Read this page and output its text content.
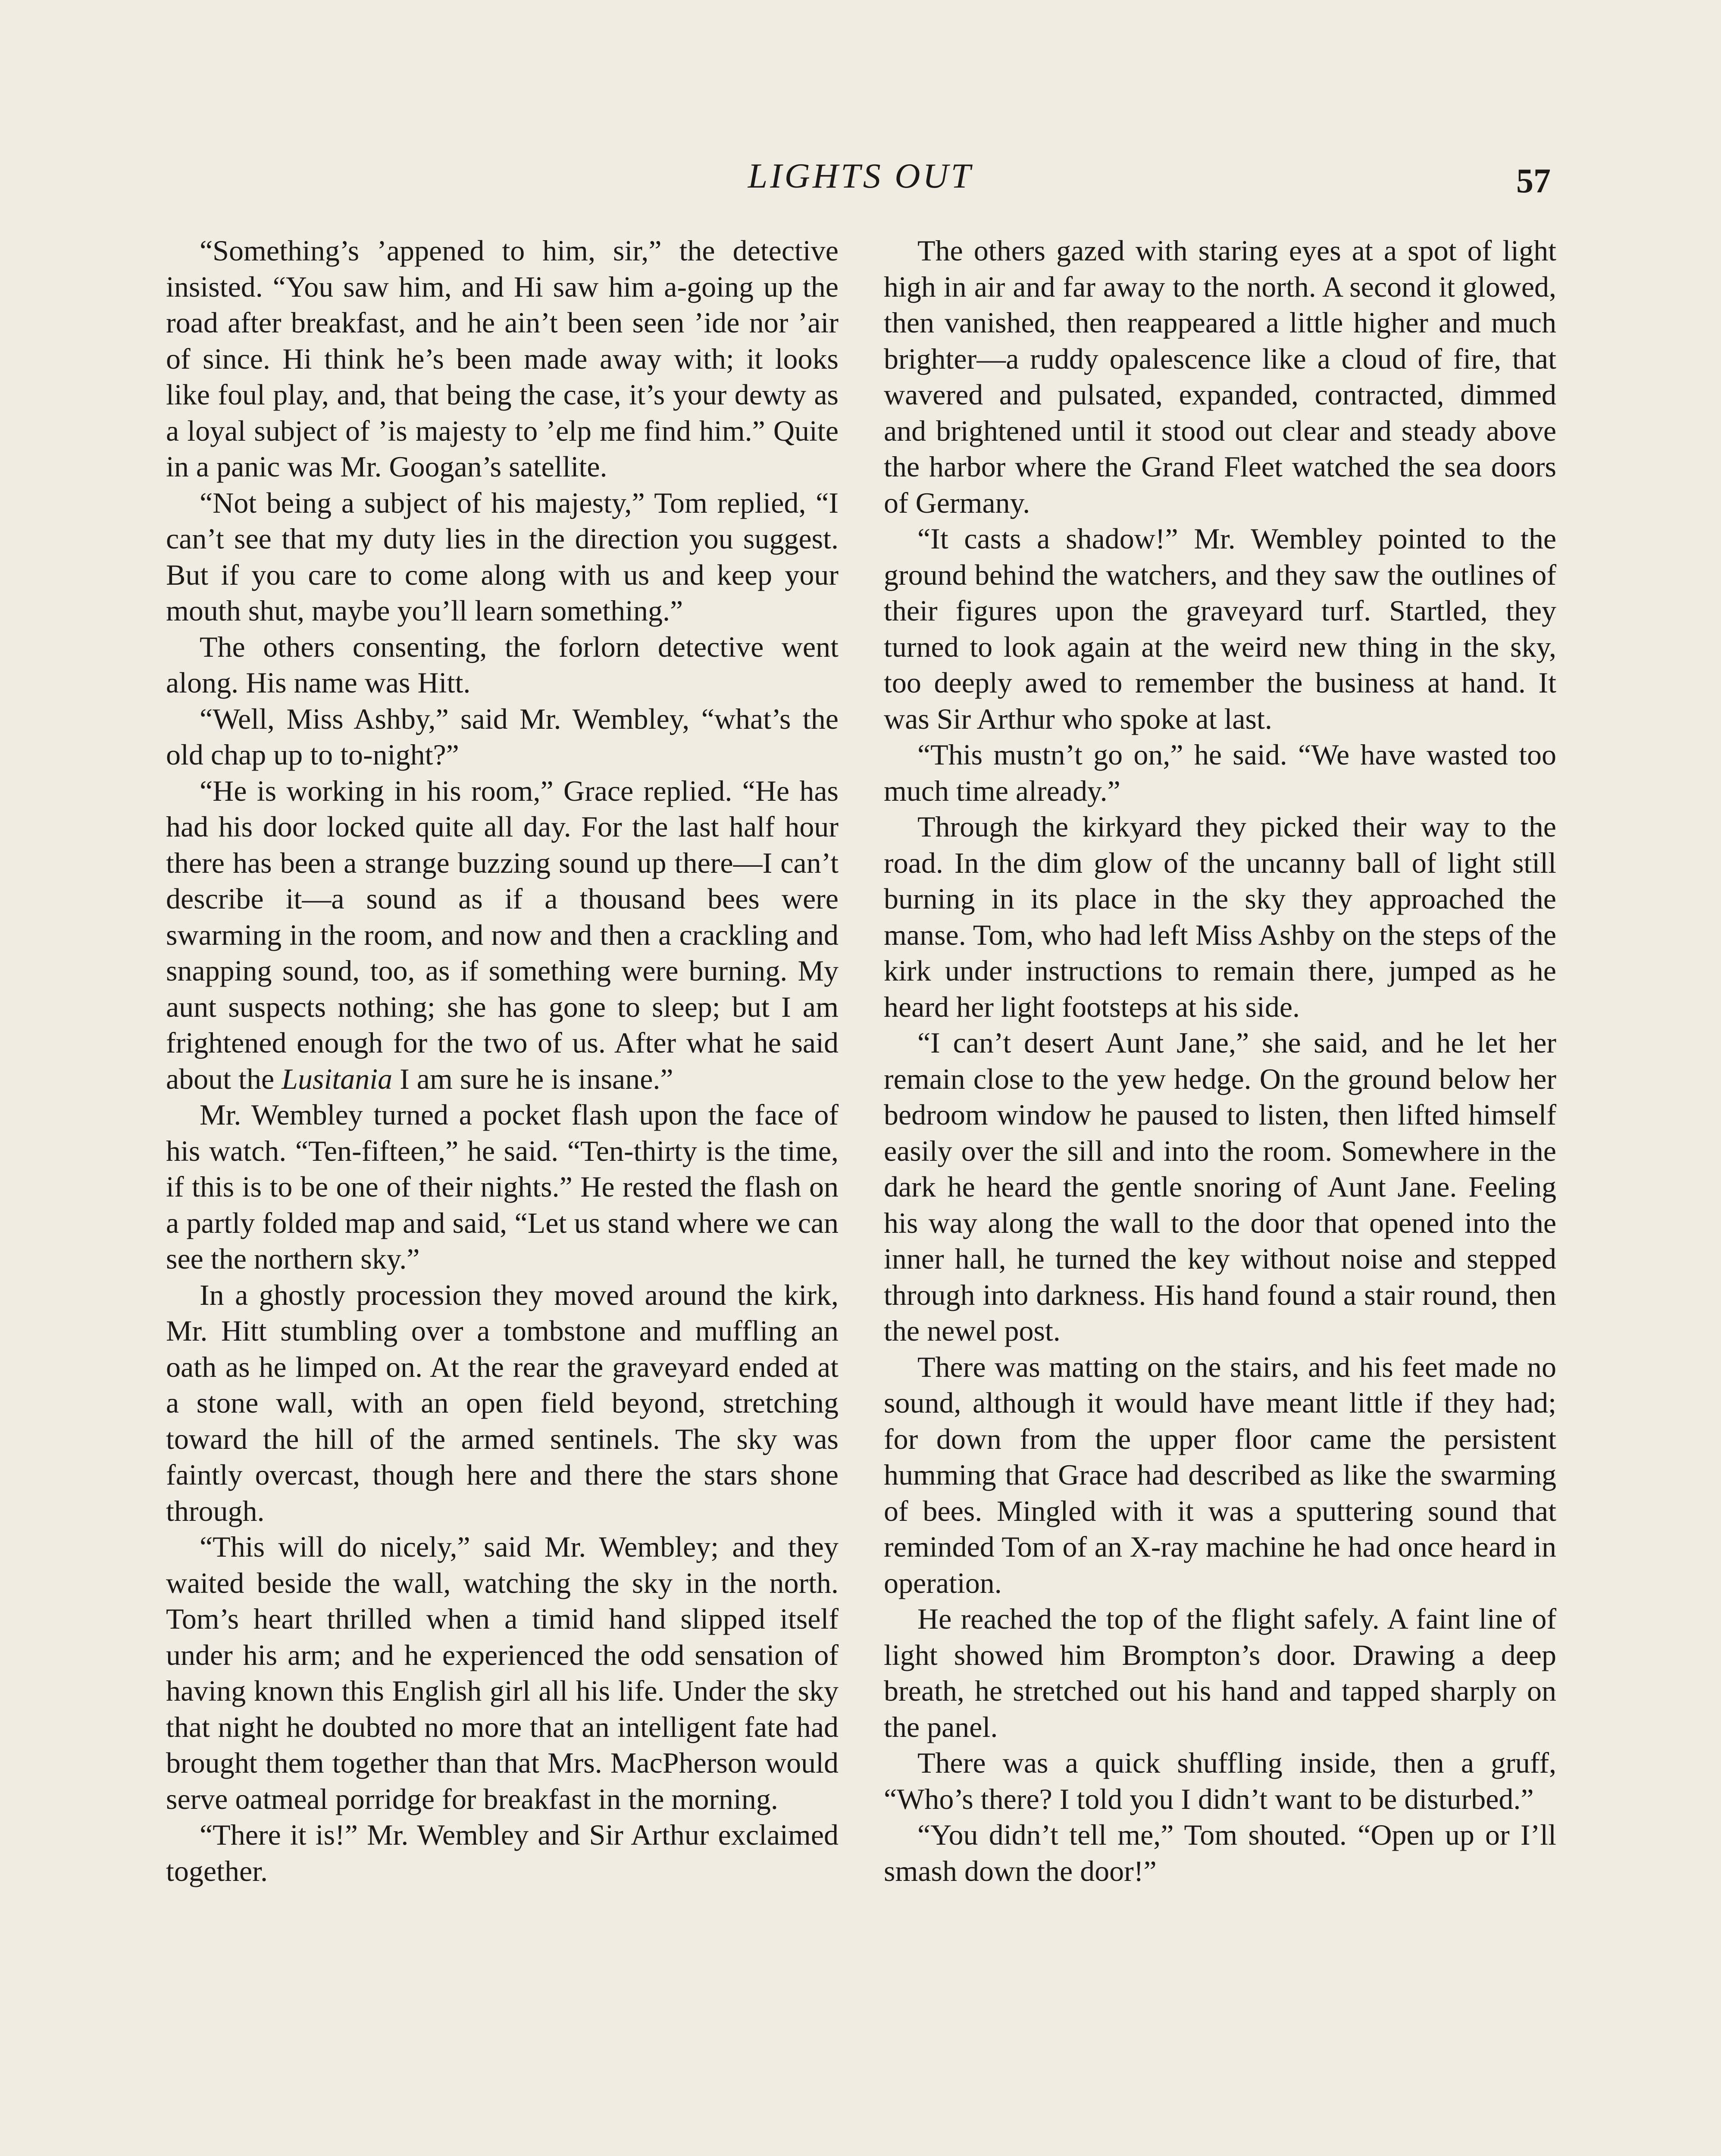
LIGHTS OUT	57

“Something’s ’appened to him, sir,” the detective insisted. “You saw him, and Hi saw him a-going up the road after breakfast, and he ain’t been seen ’ide nor ’air of since. Hi think he’s been made away with; it looks like foul play, and, that being the case, it’s your dewty as a loyal subject of ’is majesty to ’elp me find him.” Quite in a panic was Mr. Googan’s satellite.

“Not being a subject of his majesty,” Tom replied, “I can’t see that my duty lies in the direction you suggest. But if you care to come along with us and keep your mouth shut, maybe you’ll learn something.”

The others consenting, the forlorn detective went along. His name was Hitt.

“Well, Miss Ashby,” said Mr. Wembley, “what’s the old chap up to to-night?”

“He is working in his room,” Grace replied. “He has had his door locked quite all day. For the last half hour there has been a strange buzzing sound up there—I can’t describe it—a sound as if a thousand bees were swarming in the room, and now and then a crackling and snapping sound, too, as if something were burning. My aunt suspects nothing; she has gone to sleep; but I am frightened enough for the two of us. After what he said about the Lusitania I am sure he is insane.”

Mr. Wembley turned a pocket flash upon the face of his watch. “Ten-fifteen,” he said. “Ten-thirty is the time, if this is to be one of their nights.” He rested the flash on a partly folded map and said, “Let us stand where we can see the northern sky.”

In a ghostly procession they moved around the kirk, Mr. Hitt stumbling over a tombstone and muffling an oath as he limped on. At the rear the graveyard ended at a stone wall, with an open field beyond, stretching toward the hill of the armed sentinels. The sky was faintly overcast, though here and there the stars shone through.

“This will do nicely,” said Mr. Wembley; and they waited beside the wall, watching the sky in the north. Tom’s heart thrilled when a timid hand slipped itself under his arm; and he experienced the odd sensation of having known this English girl all his life. Under the sky that night he doubted no more that an intelligent fate had brought them together than that Mrs. MacPherson would serve oatmeal porridge for breakfast in the morning.

“There it is!” Mr. Wembley and Sir Arthur exclaimed together.

The others gazed with staring eyes at a spot of light high in air and far away to the north. A second it glowed, then vanished, then reappeared a little higher and much brighter—a ruddy opalescence like a cloud of fire, that wavered and pulsated, expanded, contracted, dimmed and brightened until it stood out clear and steady above the harbor where the Grand Fleet watched the sea doors of Germany.

“It casts a shadow!” Mr. Wembley pointed to the ground behind the watchers, and they saw the outlines of their figures upon the graveyard turf. Startled, they turned to look again at the weird new thing in the sky, too deeply awed to remember the business at hand. It was Sir Arthur who spoke at last.

“This mustn’t go on,” he said. “We have wasted too much time already.”

Through the kirkyard they picked their way to the road. In the dim glow of the uncanny ball of light still burning in its place in the sky they approached the manse. Tom, who had left Miss Ashby on the steps of the kirk under instructions to remain there, jumped as he heard her light footsteps at his side.

“I can’t desert Aunt Jane,” she said, and he let her remain close to the yew hedge. On the ground below her bedroom window he paused to listen, then lifted himself easily over the sill and into the room. Somewhere in the dark he heard the gentle snoring of Aunt Jane. Feeling his way along the wall to the door that opened into the inner hall, he turned the key without noise and stepped through into darkness. His hand found a stair round, then the newel post.

There was matting on the stairs, and his feet made no sound, although it would have meant little if they had; for down from the upper floor came the persistent humming that Grace had described as like the swarming of bees. Mingled with it was a sputtering sound that reminded Tom of an X-ray machine he had once heard in operation.

He reached the top of the flight safely. A faint line of light showed him Brompton’s door. Drawing a deep breath, he stretched out his hand and tapped sharply on the panel.

There was a quick shuffling inside, then a gruff, “Who’s there? I told you I didn’t want to be disturbed.”

“You didn’t tell me,” Tom shouted. “Open up or I’ll smash down the door!”
